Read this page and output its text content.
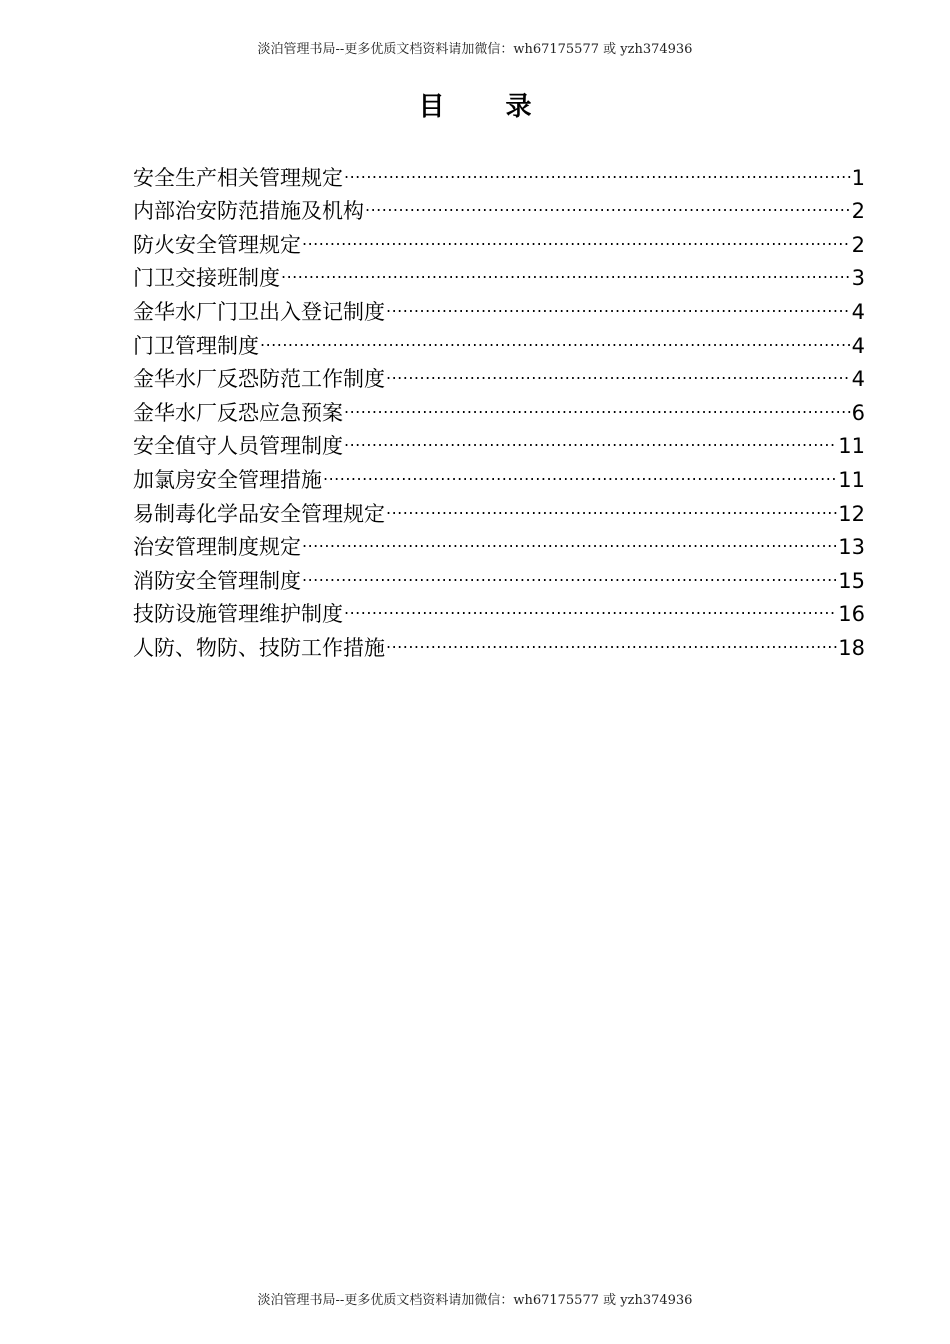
淡泊管理书局--更多优质文档资料请加微信：wh67175577 或 yzh374936
目 录
安全生产相关管理规定 .....	1
内部治安防范措施及机构 .....	2
防火安全管理规定 .....	2
门卫交接班制度 .....	3
金华水厂门卫出入登记制度 .....	4
门卫管理制度 .....	4
金华水厂反恐防范工作制度 .....	4
金华水厂反恐应急预案 .....	6
安全值守人员管理制度 .....	11
加氯房安全管理措施 .....	11
易制毒化学品安全管理规定 .....	12
治安管理制度规定 .....	13
消防安全管理制度 .....	15
技防设施管理维护制度 .....	16
人防、物防、技防工作措施 .....	18
淡泊管理书局--更多优质文档资料请加微信：wh67175577 或 yzh374936
